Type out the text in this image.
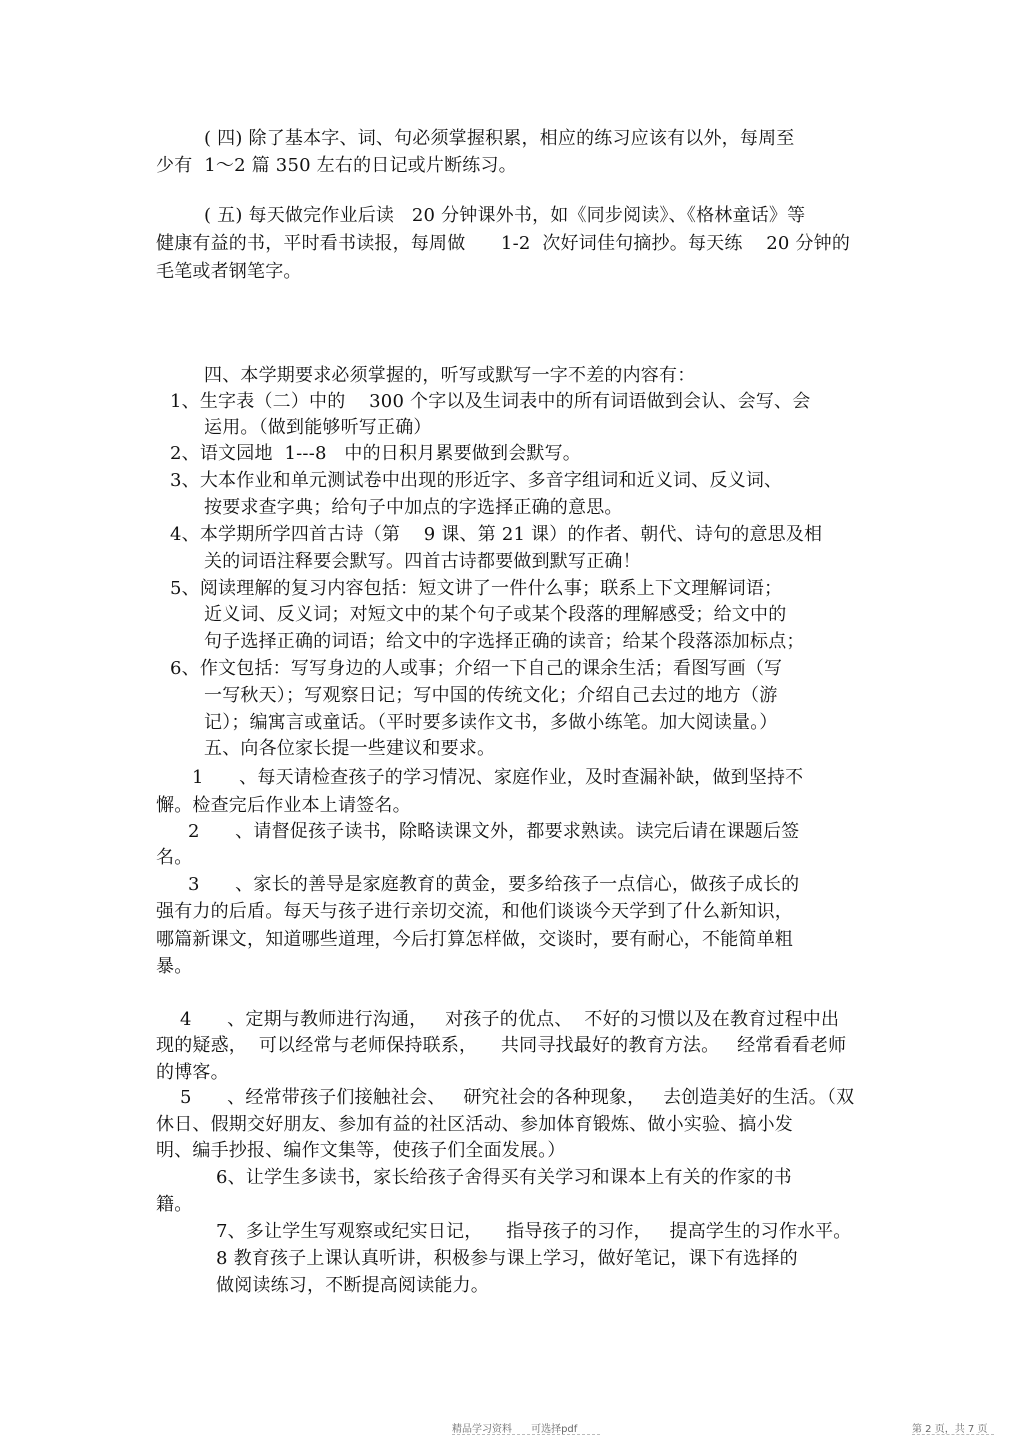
( 四) 除了基本字、词、句必须掌握积累，相应的练习应该有以外，每周至
少有  1～2 篇 350 左右的日记或片断练习。
( 五) 每天做完作业后读   20 分钟课外书，如《同步阅读》、《格林童话》等
健康有益的书，平时看书读报，每周做      1-2  次好词佳句摘抄。每天练    20 分钟的
毛笔或者钢笔字。
四、本学期要求必须掌握的，听写或默写一字不差的内容有：
1、生字表（二）中的    300 个字以及生词表中的所有词语做到会认、会写、会
运用。（做到能够听写正确）
2、语文园地  1---8   中的日积月累要做到会默写。
3、大本作业和单元测试卷中出现的形近字、多音字组词和近义词、反义词、
按要求查字典；给句子中加点的字选择正确的意思。
4、本学期所学四首古诗（第    9 课、第 21 课）的作者、朝代、诗句的意思及相
关的词语注释要会默写。四首古诗都要做到默写正确！
5、阅读理解的复习内容包括：短文讲了一件什么事；联系上下文理解词语；
近义词、反义词；对短文中的某个句子或某个段落的理解感受；给文中的
句子选择正确的词语；给文中的字选择正确的读音；给某个段落添加标点；
6、作文包括：写写身边的人或事；介绍一下自己的课余生活；看图写画（写
一写秋天）；写观察日记；写中国的传统文化；介绍自己去过的地方（游
记）；编寓言或童话。（平时要多读作文书，多做小练笔。加大阅读量。）
五、向各位家长提一些建议和要求。
1      、每天请检查孩子的学习情况、家庭作业，及时查漏补缺，做到坚持不
懈。检查完后作业本上请签名。
2      、请督促孩子读书，除略读课文外，都要求熟读。读完后请在课题后签
名。
3      、家长的善导是家庭教育的黄金，要多给孩子一点信心，做孩子成长的
强有力的后盾。每天与孩子进行亲切交流，和他们谈谈今天学到了什么新知识，
哪篇新课文，知道哪些道理，今后打算怎样做，交谈时，要有耐心，不能简单粗
暴。
4      、定期与教师进行沟通，   对孩子的优点、  不好的习惯以及在教育过程中出
现的疑惑，  可以经常与老师保持联系，    共同寻找最好的教育方法。   经常看看老师
的博客。
5      、经常带孩子们接触社会、   研究社会的各种现象，   去创造美好的生活。（双
休日、假期交好朋友、参加有益的社区活动、参加体育锻炼、做小实验、搞小发
明、编手抄报、编作文集等，使孩子们全面发展。）
6、让学生多读书，家长给孩子舍得买有关学习和课本上有关的作家的书
籍。
7、多让学生写观察或纪实日记，    指导孩子的习作，   提高学生的习作水平。
8 教育孩子上课认真听讲，积极参与课上学习，做好笔记，课下有选择的
做阅读练习，不断提高阅读能力。
精品学习资料      可选择pdf	第 2 页，共 7 页
